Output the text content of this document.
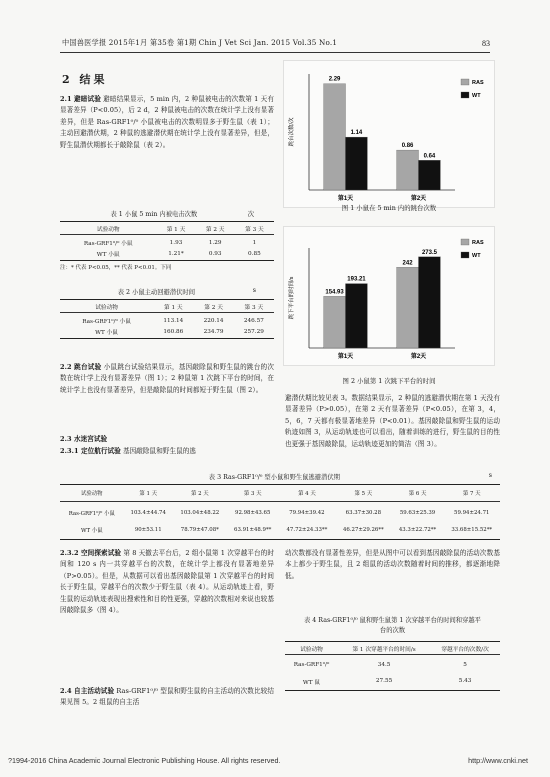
中国兽医学报 2015年1月 第35卷 第1期 Chin J Vet Sci Jan. 2015 Vol.35 No.1	83
2 结果
2.1 避暗试验 避暗结果显示，5 min 内，2 种鼠被电击的次数第 1 天有显著差异（P<0.05），后 2 d，2 种鼠被电击的次数在统计学上没有显著差异，但是 Ras-GRF1⁰/⁰ 小鼠被电击的次数明显多于野生鼠（表 1）；主动回避潜伏期，2 种鼠的逃避潜伏期在统计学上没有显著差异，但是，野生鼠潜伏期都长于敲除鼠（表 2）。
表 1 小鼠 5 min 内被电击次数	次
试验动物	第 1 天	第 2 天	第 3 天
Ras-GRF1⁰/⁰ 小鼠	1.93	1.29	1
WT 小鼠	1.21*	0.93	0.85
注：* 代表 P<0.05，** 代表 P<0.01。下同
表 2 小鼠主动回避潜伏时间	s
试验动物	第 1 天	第 2 天	第 3 天
Ras-GRF1⁰/⁰ 小鼠	113.14	220.14	246.57
WT 小鼠	160.86	234.79	257.29
2.2 跳台试验 小鼠跳台试验结果显示，基因敲除鼠和野生鼠的跳台的次数在统计学上没有显著差异（图 1）；2 种鼠第 1 次跳下平台的时间，在统计学上也没有显著差异，但是敲除鼠的时间都短于野生鼠（图 2）。
2.3 水迷宫试验
2.3.1 定位航行试验 基因敲除鼠和野生鼠的逃
跳台次数/次
第1天
2.29
1.14
第2天
0.86
0.64
RAS
WT
图 1 小鼠在 5 min 内的跳台次数
跳下平台的时间/s
第1天
154.93
193.21
第2天
242
273.5
RAS
WT
图 2 小鼠第 1 次跳下平台的时间
避潜伏期比较见表 3。数据结果显示，2 种鼠的逃避潜伏期在第 1 天没有显著差异（P>0.05），在第 2 天有显著差异（P<0.05），在第 3，4，5，6，7 天都有极显著地差异（P<0.01）。基因敲除鼠和野生鼠的运动轨迹如图 3，从运动轨迹也可以看出，随着训练的进行，野生鼠的目的性也更强于基因敲除鼠，运动轨迹更加的简洁（图 3）。
表 3 Ras-GRF1⁰/⁰ 型小鼠和野生鼠逃避潜伏期	s
试验动物	第 1 天	第 2 天	第 3 天	第 4 天	第 5 天	第 6 天	第 7 天
Ras-GRF1⁰/⁰ 小鼠	103.4±44.74	103.04±48.22	92.98±43.65	79.94±39.42	63.37±30.28	59.63±25.39	59.94±24.71
WT 小鼠	90±53.11	78.79±47.08*	63.91±48.9**	47.72±24.33**	46.27±29.26**	43.3±22.72**	33.68±15.52**
2.3.2 空间探索试验 第 8 天撤去平台后，2 组小鼠第 1 次穿越平台的时间和 120 s 内一共穿越平台的次数，在统计学上都没有显著地差异（P>0.05）。但是，从数据可以看出基因敲除鼠第 1 次穿越平台的时间长于野生鼠，穿越平台的次数少于野生鼠（表 4）。从运动轨迹上看，野生鼠的运动轨迹表现出搜索性和目的性更强，穿越的次数相对来说也较基因敲除鼠多（图 4）。
2.4 自主活动试验 Ras-GRF1⁰/⁰ 型鼠和野生鼠的自主活动的次数比较结果见图 5。2 组鼠的自主活
动次数都没有显著性差异，但是从图中可以看到基因敲除鼠的活动次数基本上都少于野生鼠，且 2 组鼠的活动次数随着时间的推移，都逐渐地降低。
表 4 Ras-GRF1⁰/⁰ 鼠和野生鼠第 1 次穿越平台的时间和穿越平台的次数
试验动物	第 1 次穿越平台的时间/s	穿越平台的次数/次
Ras-GRF1⁰/⁰	34.5	5
WT 鼠	27.55	5.43
?1994-2016 China Academic Journal Electronic Publishing House. All rights reserved.	http://www.cnki.net
